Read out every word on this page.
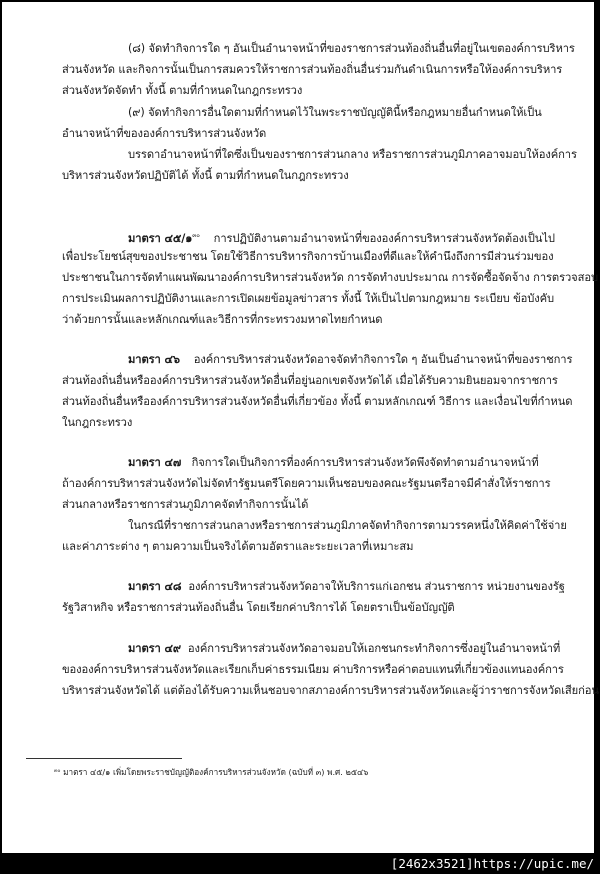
(๘) จัดทำกิจการใด ๆ อันเป็นอำนาจหน้าที่ของราชการส่วนท้องถิ่นอื่นที่อยู่ในเขตองค์การบริหาร
ส่วนจังหวัด และกิจการนั้นเป็นการสมควรให้ราชการส่วนท้องถิ่นอื่นร่วมกันดำเนินการหรือให้องค์การบริหาร
ส่วนจังหวัดจัดทำ ทั้งนี้ ตามที่กำหนดในกฎกระทรวง
(๙) จัดทำกิจการอื่นใดตามที่กำหนดไว้ในพระราชบัญญัตินี้หรือกฎหมายอื่นกำหนดให้เป็น
อำนาจหน้าที่ขององค์การบริหารส่วนจังหวัด
บรรดาอำนาจหน้าที่ใดซึ่งเป็นของราชการส่วนกลาง หรือราชการส่วนภูมิภาคอาจมอบให้องค์การ
บริหารส่วนจังหวัดปฏิบัติได้ ทั้งนี้ ตามที่กำหนดในกฎกระทรวง
มาตรา ๔๕/๑$^{๓๐}$ การปฏิบัติงานตามอำนาจหน้าที่ขององค์การบริหารส่วนจังหวัดต้องเป็นไป
เพื่อประโยชน์สุขของประชาชน โดยใช้วิธีการบริหารกิจการบ้านเมืองที่ดีและให้คำนึงถึงการมีส่วนร่วมของ
ประชาชนในการจัดทำแผนพัฒนาองค์การบริหารส่วนจังหวัด การจัดทำงบประมาณ การจัดซื้อจัดจ้าง การตรวจสอบ
การประเมินผลการปฏิบัติงานและการเปิดเผยข้อมูลข่าวสาร ทั้งนี้ ให้เป็นไปตามกฎหมาย ระเบียบ ข้อบังคับ
ว่าด้วยการนั้นและหลักเกณฑ์และวิธีการที่กระทรวงมหาดไทยกำหนด
มาตรา ๔๖ องค์การบริหารส่วนจังหวัดอาจจัดทำกิจการใด ๆ อันเป็นอำนาจหน้าที่ของราชการ
ส่วนท้องถิ่นอื่นหรือองค์การบริหารส่วนจังหวัดอื่นที่อยู่นอกเขตจังหวัดได้ เมื่อได้รับความยินยอมจากราชการ
ส่วนท้องถิ่นอื่นหรือองค์การบริหารส่วนจังหวัดอื่นที่เกี่ยวข้อง ทั้งนี้ ตามหลักเกณฑ์ วิธีการ และเงื่อนไขที่กำหนด
ในกฎกระทรวง
มาตรา ๔๗ กิจการใดเป็นกิจการที่องค์การบริหารส่วนจังหวัดพึงจัดทำตามอำนาจหน้าที่
ถ้าองค์การบริหารส่วนจังหวัดไม่จัดทำรัฐมนตรีโดยความเห็นชอบของคณะรัฐมนตรีอาจมีคำสั่งให้ราชการ
ส่วนกลางหรือราชการส่วนภูมิภาคจัดทำกิจการนั้นได้
ในกรณีที่ราชการส่วนกลางหรือราชการส่วนภูมิภาคจัดทำกิจการตามวรรคหนึ่งให้คิดค่าใช้จ่าย
และค่าภาระต่าง ๆ ตามความเป็นจริงได้ตามอัตราและระยะเวลาที่เหมาะสม
มาตรา ๔๘ องค์การบริหารส่วนจังหวัดอาจให้บริการแก่เอกชน ส่วนราชการ หน่วยงานของรัฐ
รัฐวิสาหกิจ หรือราชการส่วนท้องถิ่นอื่น โดยเรียกค่าบริการได้ โดยตราเป็นข้อบัญญัติ
มาตรา ๔๙ องค์การบริหารส่วนจังหวัดอาจมอบให้เอกชนกระทำกิจการซึ่งอยู่ในอำนาจหน้าที่
ขององค์การบริหารส่วนจังหวัดและเรียกเก็บค่าธรรมเนียม ค่าบริการหรือค่าตอบแทนที่เกี่ยวข้องแทนองค์การ
บริหารส่วนจังหวัดได้ แต่ต้องได้รับความเห็นชอบจากสภาองค์การบริหารส่วนจังหวัดและผู้ว่าราชการจังหวัดเสียก่อน
$^{๓๐}$ มาตรา ๔๕/๑ เพิ่มโดยพระราชบัญญัติองค์การบริหารส่วนจังหวัด (ฉบับที่ ๓) พ.ศ. ๒๕๔๖
[2462x3521]https://upic.me/
